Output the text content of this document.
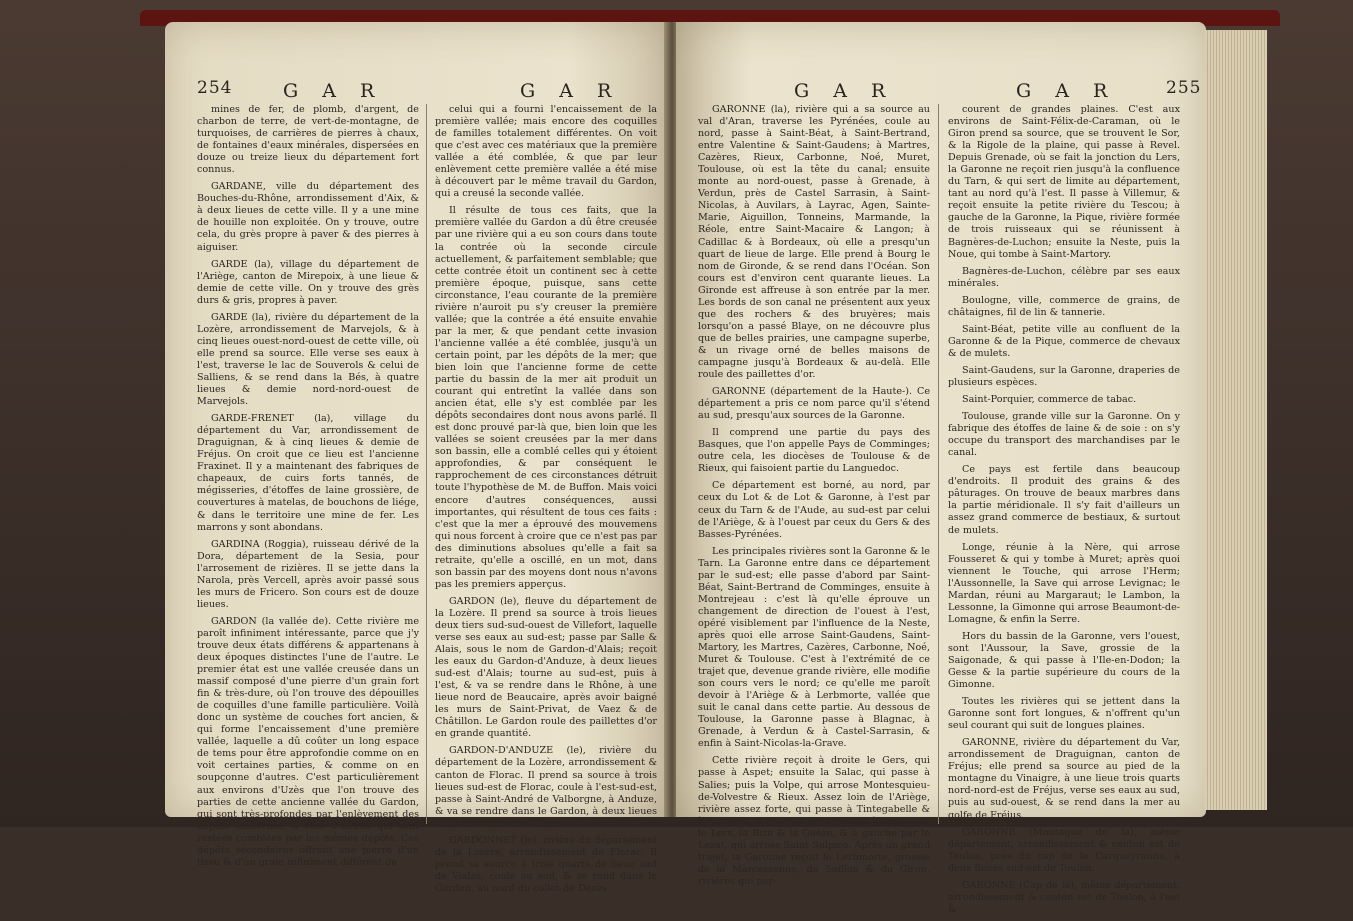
254	G A R	G A R

mines de fer, de plomb, d'argent, de charbon de terre, de vert-de-montagne, de turquoises, de carrières de pierres à chaux, de fontaines d'eaux minérales, dispersées en douze ou treize lieux du département fort connus.

GARDANE, ville du département des Bouches-du-Rhône, arrondissement d'Aix, & à deux lieues de cette ville. Il y a une mine de houille non exploitée. On y trouve, outre cela, du grès propre à paver & des pierres à aiguiser.

GARDE (la), village du département de l'Ariège, canton de Mirepoix, à une lieue & demie de cette ville. On y trouve des grès durs & gris, propres à paver.

GARDE (la), rivière du département de la Lozère, arrondissement de Marvejols, & à cinq lieues ouest-nord-ouest de cette ville, où elle prend sa source. Elle verse ses eaux à l'est, traverse le lac de Souverols & celui de Salliens, & se rend dans la Bés, à quatre lieues & demie nord-nord-ouest de Marvejols.

GARDE-FRENET (la), village du département du Var, arrondissement de Draguignan, & à cinq lieues & demie de Fréjus. On croit que ce lieu est l'ancienne Fraxinet. Il y a maintenant des fabriques de chapeaux, de cuirs forts tannés, de mégisseries, d'étoffes de laine grossière, de couvertures à matelas, de bouchons de liége, & dans le territoire une mine de fer. Les marrons y sont abondans.

GARDINA (Roggia), ruisseau dérivé de la Dora, département de la Sesia, pour l'arrosement de rizières. Il se jette dans la Narola, près Vercell, après avoir passé sous les murs de Fricero. Son cours est de douze lieues.

GARDON (la vallée de). Cette rivière me paroît infiniment intéressante, parce que j'y trouve deux états différens & appartenans à deux époques distinctes l'une de l'autre. Le premier état est une vallée creusée dans un massif composé d'une pierre d'un grain fort fin & très-dure, où l'on trouve des dépouilles de coquilles d'une famille particulière. Voilà donc un système de couches fort ancien, & qui forme l'encaissement d'une première vallée, laquelle a dû coûter un long espace de tems pour être approfondie comme on en voit certaines parties, & comme on en soupçonne d'autres. C'est particulièrement aux environs d'Uzès que l'on trouve des parties de cette ancienne vallée du Gardon, qui sont très-profondes par l'enlèvement des dépôts modernes, à côté d'autres qui sont restées comblées par les mêmes dépôts. Ces dépôts secondaires offrent une pierre d'un tissu & d'un grain infiniment différent de

celui qui a fourni l'encaissement de la première vallée; mais encore des coquilles de familles totalement différentes. On voit que c'est avec ces matériaux que la première vallée a été comblée, & que par leur enlèvement cette première vallée a été mise à découvert par le même travail du Gardon, qui a creusé la seconde vallée.

Il résulte de tous ces faits, que la première vallée du Gardon a dû être creusée par une rivière qui a eu son cours dans toute la contrée où la seconde circule actuellement, & parfaitement semblable; que cette contrée étoit un continent sec à cette première époque, puisque, sans cette circonstance, l'eau courante de la première rivière n'auroit pu s'y creuser la première vallée; que la contrée a été ensuite envahie par la mer, & que pendant cette invasion l'ancienne vallée a été comblée, jusqu'à un certain point, par les dépôts de la mer; que bien loin que l'ancienne forme de cette partie du bassin de la mer ait produit un courant qui entretînt la vallée dans son ancien état, elle s'y est comblée par les dépôts secondaires dont nous avons parlé. Il est donc prouvé par-là que, bien loin que les vallées se soient creusées par la mer dans son bassin, elle a comblé celles qui y étoient approfondies, & par conséquent le rapprochement de ces circonstances détruit toute l'hypothèse de M. de Buffon. Mais voici encore d'autres conséquences, aussi importantes, qui résultent de tous ces faits : c'est que la mer a éprouvé des mouvemens qui nous forcent à croire que ce n'est pas par des diminutions absolues qu'elle a fait sa retraite, qu'elle a oscillé, en un mot, dans son bassin par des moyens dont nous n'avons pas les premiers apperçus.

GARDON (le), fleuve du département de la Lozère. Il prend sa source à trois lieues deux tiers sud-sud-ouest de Villefort, laquelle verse ses eaux au sud-est; passe par Salle & Alais, sous le nom de Gardon-d'Alais; reçoit les eaux du Gardon-d'Anduze, à deux lieues sud-est d'Alais; tourne au sud-est, puis à l'est, & va se rendre dans le Rhône, à une lieue nord de Beaucaire, après avoir baigné les murs de Saint-Privat, de Vaez & de Châtillon. Le Gardon roule des paillettes d'or en grande quantité.

GARDON-D'ANDUZE (le), rivière du département de la Lozère, arrondissement & canton de Florac. Il prend sa source à trois lieues sud-est de Florac, coule à l'est-sud-est, passe à Saint-André de Valborgne, à Anduze, & va se rendre dans le Gardon, à deux lieues deux tiers sud-est d'Alais.

GARDONNET (le), rivière du département de la Lozère, arrondissement de Florac. Il prend sa source à trois quarts de lieue sud de Vialas, coule au sud, & se rend dans le Gardon, au nord du collet de Dezès.

G A R	G A R	255

GARONNE (la), rivière qui a sa source au val d'Aran, traverse les Pyrénées, coule au nord, passe à Saint-Béat, à Saint-Bertrand, entre Valentine & Saint-Gaudens; à Martres, Cazères, Rieux, Carbonne, Noé, Muret, Toulouse, où est la tête du canal; ensuite monte au nord-ouest, passe à Grenade, à Verdun, près de Castel Sarrasin, à Saint-Nicolas, à Auvilars, à Layrac, Agen, Sainte-Marie, Aiguillon, Tonneins, Marmande, la Réole, entre Saint-Macaire & Langon; à Cadillac & à Bordeaux, où elle a presqu'un quart de lieue de large. Elle prend à Bourg le nom de Gironde, & se rend dans l'Océan. Son cours est d'environ cent quarante lieues. La Gironde est affreuse à son entrée par la mer. Les bords de son canal ne présentent aux yeux que des rochers & des bruyères; mais lorsqu'on a passé Blaye, on ne découvre plus que de belles prairies, une campagne superbe, & un rivage orné de belles maisons de campagne jusqu'à Bordeaux & au-delà. Elle roule des paillettes d'or.

GARONNE (département de la Haute-). Ce département a pris ce nom parce qu'il s'étend au sud, presqu'aux sources de la Garonne.

Il comprend une partie du pays des Basques, que l'on appelle Pays de Comminges; outre cela, les diocèses de Toulouse & de Rieux, qui faisoient partie du Languedoc.

Ce département est borné, au nord, par ceux du Lot & de Lot & Garonne, à l'est par ceux du Tarn & de l'Aude, au sud-est par celui de l'Ariège, & à l'ouest par ceux du Gers & des Basses-Pyrénées.

Les principales rivières sont la Garonne & le Tarn. La Garonne entre dans ce département par le sud-est; elle passe d'abord par Saint-Béat, Saint-Bertrand de Comminges, ensuite à Montrejeau : c'est là qu'elle éprouve un changement de direction de l'ouest à l'est, opéré visiblement par l'influence de la Neste, après quoi elle arrose Saint-Gaudens, Saint-Martory, les Martres, Cazères, Carbonne, Noé, Muret & Toulouse. C'est à l'extrémité de ce trajet que, devenue grande rivière, elle modifie son cours vers le nord; ce qu'elle me paroît devoir à l'Ariège & à Lerbmorte, vallée que suit le canal dans cette partie. Au dessous de Toulouse, la Garonne passe à Blagnac, à Grenade, à Verdun & à Castel-Sarrasin, & enfin à Saint-Nicolas-la-Grave.

Cette rivière reçoit à droite le Gers, qui passe à Aspet; ensuite la Salac, qui passe à Salies; puis la Volpe, qui arrose Montesquieu-de-Volvestre & Rieux. Assez loin de l'Ariège, rivière assez forte, qui passe à Tintegabelle & à Auterive, & qui se trouve grossie à droite par le Lers, la Bize & la Guèze, & à gauche par le Lezat, qui arrose Saint-Sulpice. Après un grand trajet, la Garonne reçoit le Lerbmorte, grossie de la Marcassonne, du Seillon & du Giron, rivières qui par-

courent de grandes plaines. C'est aux environs de Saint-Félix-de-Caraman, où le Giron prend sa source, que se trouvent le Sor, & la Rigole de la plaine, qui passe à Revel. Depuis Grenade, où se fait la jonction du Lers, la Garonne ne reçoit rien jusqu'à la confluence du Tarn, & qui sert de limite au département, tant au nord qu'à l'est. Il passe à Villemur, & reçoit ensuite la petite rivière du Tescou; à gauche de la Garonne, la Pique, rivière formée de trois ruisseaux qui se réunissent à Bagnères-de-Luchon; ensuite la Neste, puis la Noue, qui tombe à Saint-Martory.

Bagnères-de-Luchon, célèbre par ses eaux minérales.

Boulogne, ville, commerce de grains, de châtaignes, fil de lin & tannerie.

Saint-Béat, petite ville au confluent de la Garonne & de la Pique, commerce de chevaux & de mulets.

Saint-Gaudens, sur la Garonne, draperies de plusieurs espèces.

Saint-Porquier, commerce de tabac.

Toulouse, grande ville sur la Garonne. On y fabrique des étoffes de laine & de soie : on s'y occupe du transport des marchandises par le canal.

Ce pays est fertile dans beaucoup d'endroits. Il produit des grains & des pâturages. On trouve de beaux marbres dans la partie méridionale. Il s'y fait d'ailleurs un assez grand commerce de bestiaux, & surtout de mulets.

Longe, réunie à la Nère, qui arrose Fousseret & qui y tombe à Muret; après quoi viennent le Touche, qui arrose l'Herm; l'Aussonnelle, la Save qui arrose Levignac; le Mardan, réuni au Margaraut; le Lambon, la Lessonne, la Gimonne qui arrose Beaumont-de-Lomagne, & enfin la Serre.

Hors du bassin de la Garonne, vers l'ouest, sont l'Aussour, la Save, grossie de la Saigonade, & qui passe à l'Ile-en-Dodon; la Gesse & la partie supérieure du cours de la Gimonne.

Toutes les rivières qui se jettent dans la Garonne sont fort longues, & n'offrent qu'un seul courant qui suit de longues plaines.

GARONNE, rivière du département du Var, arrondissement de Draguignan, canton de Fréjus; elle prend sa source au pied de la montagne du Vinaigre, à une lieue trois quarts nord-nord-est de Fréjus, verse ses eaux au sud, puis au sud-ouest, & se rend dans la mer au golfe de Fréjus.

GARONNE (Montagne de la), même département, arrondissement & canton est de Toulon, près du cap de la Carqueyranne, à deux lieues sud-est de Toulon.

GARONNE (Cap de la), même département, arrondissement & canton est de Toulon, à l'est &
